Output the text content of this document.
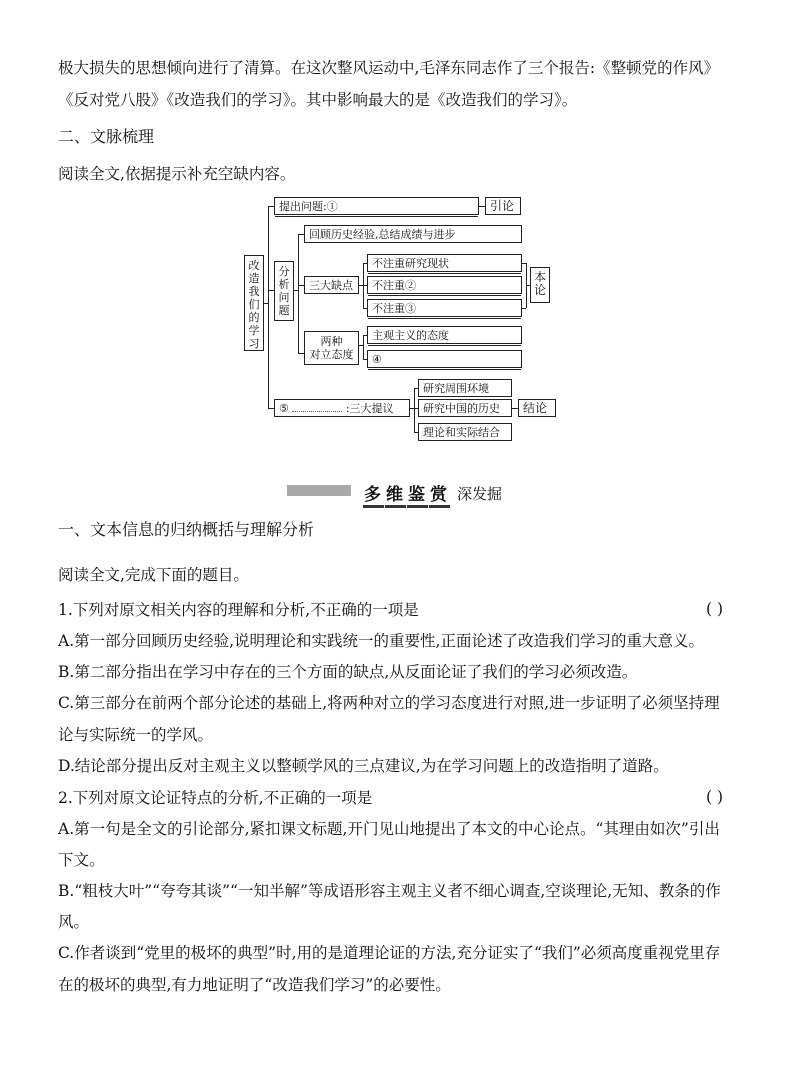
极大损失的思想倾向进行了清算。在这次整风运动中,毛泽东同志作了三个报告:《整顿党的作风》
《反对党八股》《改造我们的学习》。其中影响最大的是《改造我们的学习》。
二、文脉梳理
阅读全文,依据提示补充空缺内容。
改造我们的学习
提出问题:①	引论
分析问题
回顾历史经验,总结成绩与进步
三大缺点
不注重研究现状
不注重②
不注重③
本论
两种
对立态度
主观主义的态度
④
⑤	:三大提议
研究周围环境
研究中国的历史
理论和实际结合
结论
多 维 鉴 赏 深发掘
一、文本信息的归纳概括与理解分析
阅读全文,完成下面的题目。
1.下列对原文相关内容的理解和分析,不正确的一项是	( )
A.第一部分回顾历史经验,说明理论和实践统一的重要性,正面论述了改造我们学习的重大意义。
B.第二部分指出在学习中存在的三个方面的缺点,从反面论证了我们的学习必须改造。
C.第三部分在前两个部分论述的基础上,将两种对立的学习态度进行对照,进一步证明了必须坚持理
论与实际统一的学风。
D.结论部分提出反对主观主义以整顿学风的三点建议,为在学习问题上的改造指明了道路。
2.下列对原文论证特点的分析,不正确的一项是	( )
A.第一句是全文的引论部分,紧扣课文标题,开门见山地提出了本文的中心论点。“其理由如次”引出
下文。
B.“粗枝大叶”“夸夸其谈”“一知半解”等成语形容主观主义者不细心调查,空谈理论,无知、教条的作
风。
C.作者谈到“党里的极坏的典型”时,用的是道理论证的方法,充分证实了“我们”必须高度重视党里存
在的极坏的典型,有力地证明了“改造我们学习”的必要性。
